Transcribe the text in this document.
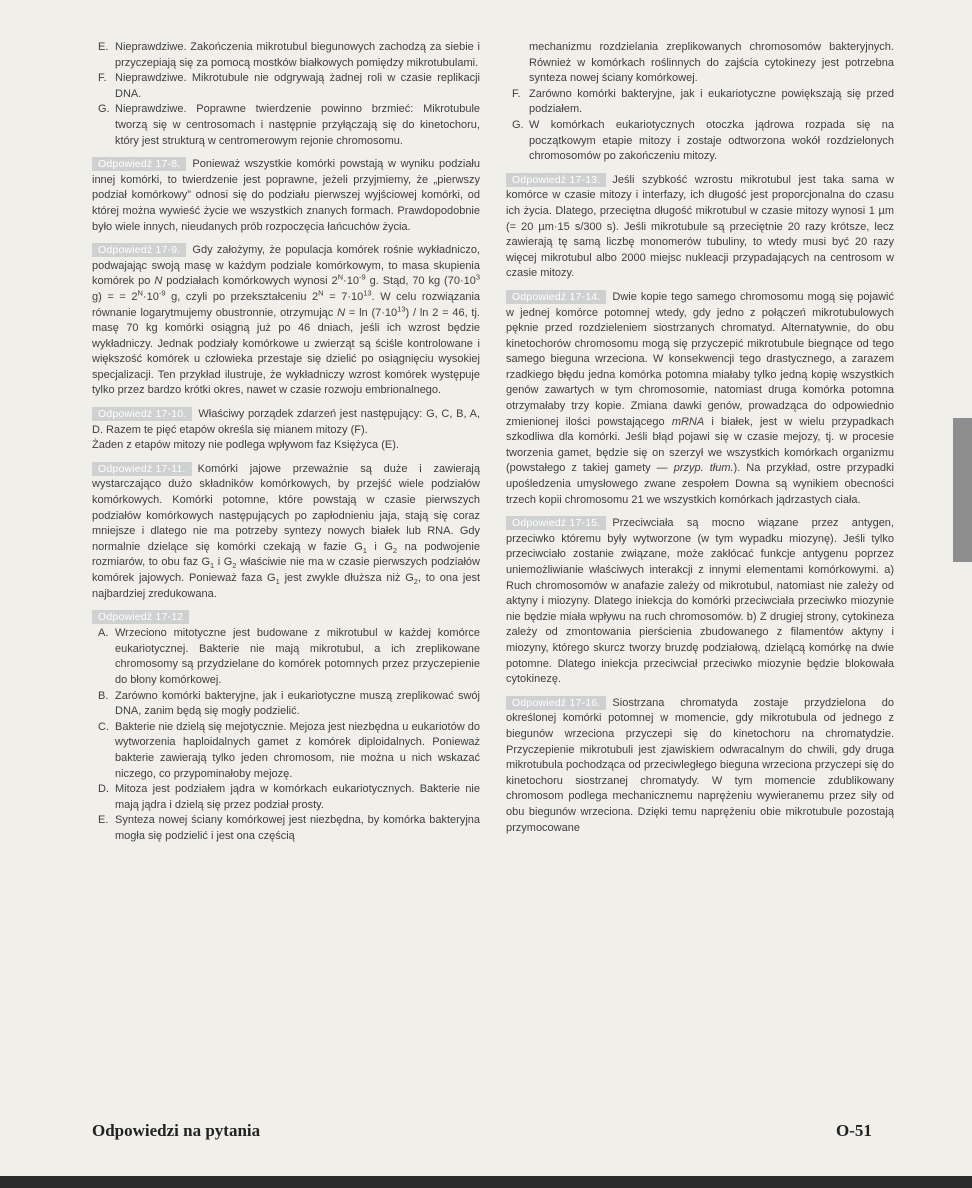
E. Nieprawdziwe. Zakończenia mikrotubul biegunowych zachodzą za siebie i przyczepiają się za pomocą mostków białkowych pomiędzy mikrotubulami.

F. Nieprawdziwe. Mikrotubule nie odgrywają żadnej roli w czasie replikacji DNA.

G. Nieprawdziwe. Poprawne twierdzenie powinno brzmieć: Mikrotubule tworzą się w centrosomach i następnie przyłączają się do kinetochoru, który jest strukturą w centromerowym rejonie chromosomu.

Odpowiedź 17-8. Ponieważ wszystkie komórki powstają w wyniku podziału innej komórki, to twierdzenie jest poprawne, jeżeli przyjmiemy, że „pierwszy podział komórkowy” odnosi się do podziału pierwszej wyjściowej komórki, od której można wywieść życie we wszystkich znanych formach. Prawdopodobnie było wiele innych, nieudanych prób rozpoczęcia łańcuchów życia.

Odpowiedź 17-9. Gdy założymy, że populacja komórek rośnie wykładniczo, podwajając swoją masę w każdym podziale komórkowym, to masa skupienia komórek po N podziałach komórkowych wynosi $2^N\cdot 10^{-9}$ g. Stąd, 70 kg ($70\cdot 10^3$ g) = = $2^N\cdot 10^{-9}$ g, czyli po przekształceniu $2^N = 7\cdot 10^{13}$. W celu rozwiązania równanie logarytmujemy obustronnie, otrzymując $N = \ln (7\cdot 10^{13}) / \ln 2 = 46$, tj. masę 70 kg komórki osiągną już po 46 dniach, jeśli ich wzrost będzie wykładniczy. Jednak podziały komórkowe u zwierząt są ściśle kontrolowane i większość komórek u człowieka przestaje się dzielić po osiągnięciu wysokiej specjalizacji. Ten przykład ilustruje, że wykładniczy wzrost komórek występuje tylko przez bardzo krótki okres, nawet w czasie rozwoju embrionalnego.

Odpowiedź 17-10. Właściwy porządek zdarzeń jest następujący: G, C, B, A, D. Razem te pięć etapów określa się mianem mitozy (F).
Żaden z etapów mitozy nie podlega wpływom faz Księżyca (E).

Odpowiedź 17-11. Komórki jajowe przeważnie są duże i zawierają wystarczająco dużo składników komórkowych, by przejść wiele podziałów komórkowych. Komórki potomne, które powstają w czasie pierwszych podziałów komórkowych następujących po zapłodnieniu jaja, stają się coraz mniejsze i dlatego nie ma potrzeby syntezy nowych białek lub RNA. Gdy normalnie dzielące się komórki czekają w fazie $G_1$ i $G_2$ na podwojenie rozmiarów, to obu faz $G_1$ i $G_2$ właściwie nie ma w czasie pierwszych podziałów komórek jajowych. Ponieważ faza $G_1$ jest zwykle dłuższa niż $G_2$, to ona jest najbardziej zredukowana.

Odpowiedź 17-12

A. Wrzeciono mitotyczne jest budowane z mikrotubul w każdej komórce eukariotycznej. Bakterie nie mają mikrotubul, a ich zreplikowane chromosomy są przydzielane do komórek potomnych przez przyczepienie do błony komórkowej.

B. Zarówno komórki bakteryjne, jak i eukariotyczne muszą zreplikować swój DNA, zanim będą się mogły podzielić.

C. Bakterie nie dzielą się mejotycznie. Mejoza jest niezbędna u eukariotów do wytworzenia haploidalnych gamet z komórek diploidalnych. Ponieważ bakterie zawierają tylko jeden chromosom, nie można u nich wskazać niczego, co przypominałoby mejozę.

D. Mitoza jest podziałem jądra w komórkach eukariotycznych. Bakterie nie mają jądra i dzielą się przez podział prosty.

E. Synteza nowej ściany komórkowej jest niezbędna, by komórka bakteryjna mogła się podzielić i jest ona częścią

mechanizmu rozdzielania zreplikowanych chromosomów bakteryjnych. Również w komórkach roślinnych do zajścia cytokinezy jest potrzebna synteza nowej ściany komórkowej.

F. Zarówno komórki bakteryjne, jak i eukariotyczne powiększają się przed podziałem.

G. W komórkach eukariotycznych otoczka jądrowa rozpada się na początkowym etapie mitozy i zostaje odtworzona wokół rozdzielonych chromosomów po zakończeniu mitozy.

Odpowiedź 17-13. Jeśli szybkość wzrostu mikrotubul jest taka sama w komórce w czasie mitozy i interfazy, ich długość jest proporcjonalna do czasu ich życia. Dlatego, przeciętna długość mikrotubul w czasie mitozy wynosi 1 µm (= 20 µm·15 s/300 s). Jeśli mikrotubule są przeciętnie 20 razy krótsze, lecz zawierają tę samą liczbę monomerów tubuliny, to wtedy musi być 20 razy więcej mikrotubul albo 2000 miejsc nukleacji przypadających na centrosom w czasie mitozy.

Odpowiedź 17-14. Dwie kopie tego samego chromosomu mogą się pojawić w jednej komórce potomnej wtedy, gdy jedno z połączeń mikrotubulowych pęknie przed rozdzieleniem siostrzanych chromatyd. Alternatywnie, do obu kinetochorów chromosomu mogą się przyczepić mikrotubule biegnące od tego samego bieguna wrzeciona. W konsekwencji tego drastycznego, a zarazem rzadkiego błędu jedna komórka potomna miałaby tylko jedną kopię wszystkich genów zawartych w tym chromosomie, natomiast druga komórka potomna otrzymałaby trzy kopie. Zmiana dawki genów, prowadząca do odpowiednio zmienionej ilości powstającego mRNA i białek, jest w wielu przypadkach szkodliwa dla komórki. Jeśli błąd pojawi się w czasie mejozy, tj. w procesie tworzenia gamet, będzie się on szerzył we wszystkich komórkach organizmu (powstałego z takiej gamety — przyp. tłum.). Na przykład, ostre przypadki upośledzenia umysłowego zwane zespołem Downa są wynikiem obecności trzech kopii chromosomu 21 we wszystkich komórkach jądrzastych ciała.

Odpowiedź 17-15. Przeciwciała są mocno wiązane przez antygen, przeciwko któremu były wytworzone (w tym wypadku miozynę). Jeśli tylko przeciwciało zostanie związane, może zakłócać funkcje antygenu poprzez uniemożliwianie właściwych interakcji z innymi elementami komórkowymi. a) Ruch chromosomów w anafazie zależy od mikrotubul, natomiast nie zależy od aktyny i miozyny. Dlatego iniekcja do komórki przeciwciała przeciwko miozynie nie będzie miała wpływu na ruch chromosomów. b) Z drugiej strony, cytokineza zależy od zmontowania pierścienia zbudowanego z filamentów aktyny i miozyny, którego skurcz tworzy bruzdę podziałową, dzielącą komórkę na dwie potomne. Dlatego iniekcja przeciwciał przeciwko miozynie będzie blokowała cytokinezę.

Odpowiedź 17-16. Siostrzana chromatyda zostaje przydzielona do określonej komórki potomnej w momencie, gdy mikrotubula od jednego z biegunów wrzeciona przyczepi się do kinetochoru na chromatydzie. Przyczepienie mikrotubuli jest zjawiskiem odwracalnym do chwili, gdy druga mikrotubula pochodząca od przeciwległego bieguna wrzeciona przyczepi się do kinetochoru siostrzanej chromatydy. W tym momencie zdublikowany chromosom podlega mechanicznemu naprężeniu wywieranemu przez siły od obu biegunów wrzeciona. Dzięki temu naprężeniu obie mikrotubule pozostają przymocowane

Odpowiedzi na pytania	O-51
